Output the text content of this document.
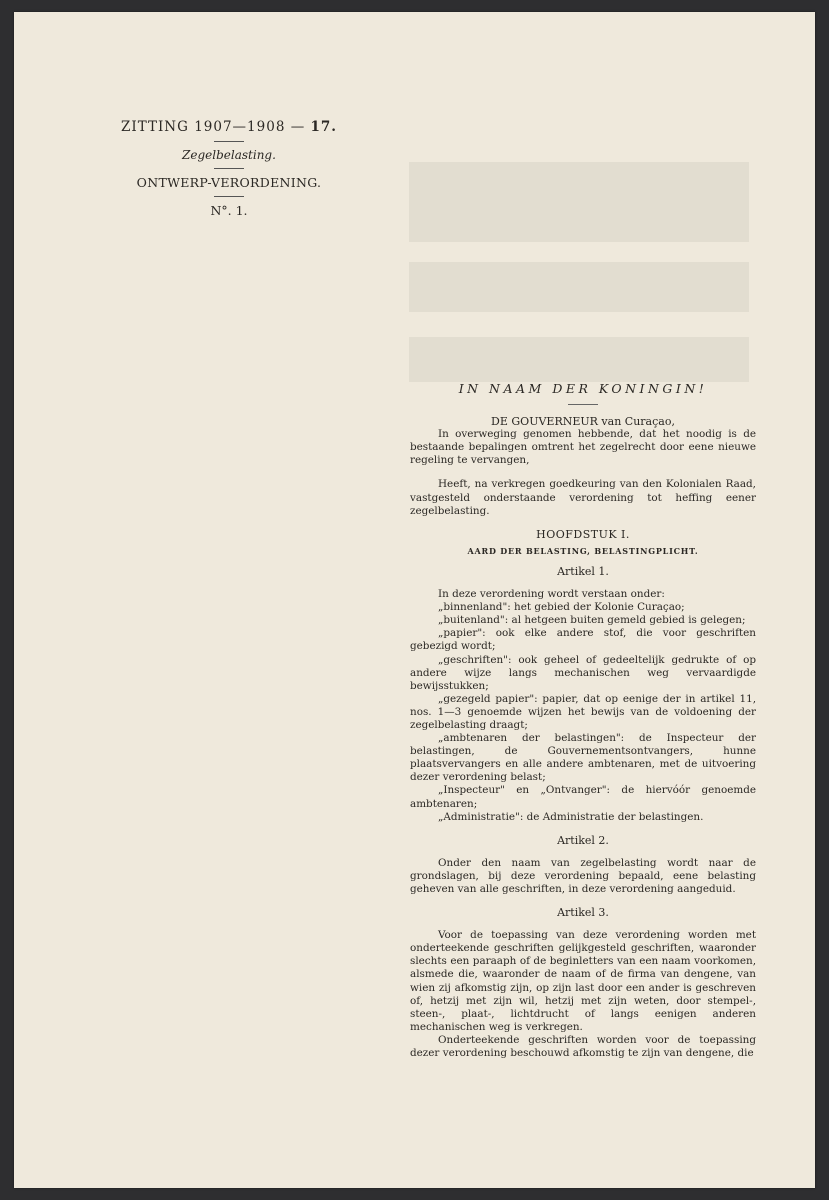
ZITTING 1907—1908 — 17.
Zegelbelasting.
ONTWERP-VERORDENING.
N°. 1.

IN NAAM DER KONINGIN!

DE GOUVERNEUR van Curaçao,

In overweging genomen hebbende, dat het noodig is de bestaande bepalingen omtrent het zegelrecht door eene nieuwe regeling te vervangen,

Heeft, na verkregen goedkeuring van den Kolonialen Raad, vastgesteld onderstaande verordening tot heffing eener zegelbelasting.

HOOFDSTUK I.

AARD DER BELASTING, BELASTINGPLICHT.

Artikel 1.

In deze verordening wordt verstaan onder:

„binnenland": het gebied der Kolonie Curaçao;

„buitenland": al hetgeen buiten gemeld gebied is gelegen;

„papier": ook elke andere stof, die voor geschriften gebezigd wordt;

„geschriften": ook geheel of gedeeltelijk gedrukte of op andere wijze langs mechanischen weg vervaardigde bewijsstukken;

„gezegeld papier": papier, dat op eenige der in artikel 11, nos. 1—3 genoemde wijzen het bewijs van de voldoening der zegelbelasting draagt;

„ambtenaren der belastingen": de Inspecteur der belastingen, de Gouvernementsontvangers, hunne plaatsvervangers en alle andere ambtenaren, met de uitvoering dezer verordening belast;

„Inspecteur" en „Ontvanger": de hiervóór genoemde ambtenaren;

„Administratie": de Administratie der belastingen.

Artikel 2.

Onder den naam van zegelbelasting wordt naar de grondslagen, bij deze verordening bepaald, eene belasting geheven van alle geschriften, in deze verordening aangeduid.

Artikel 3.

Voor de toepassing van deze verordening worden met onderteekende geschriften gelijkgesteld geschriften, waaronder slechts een paraaph of de beginletters van een naam voorkomen, alsmede die, waaronder de naam of de firma van dengene, van wien zij afkomstig zijn, op zijn last door een ander is geschreven of, hetzij met zijn wil, hetzij met zijn weten, door stempel-, steen-, plaat-, lichtdrucht of langs eenigen anderen mechanischen weg is verkregen.

Onderteekende geschriften worden voor de toepassing dezer verordening beschouwd afkomstig te zijn van dengene, die
